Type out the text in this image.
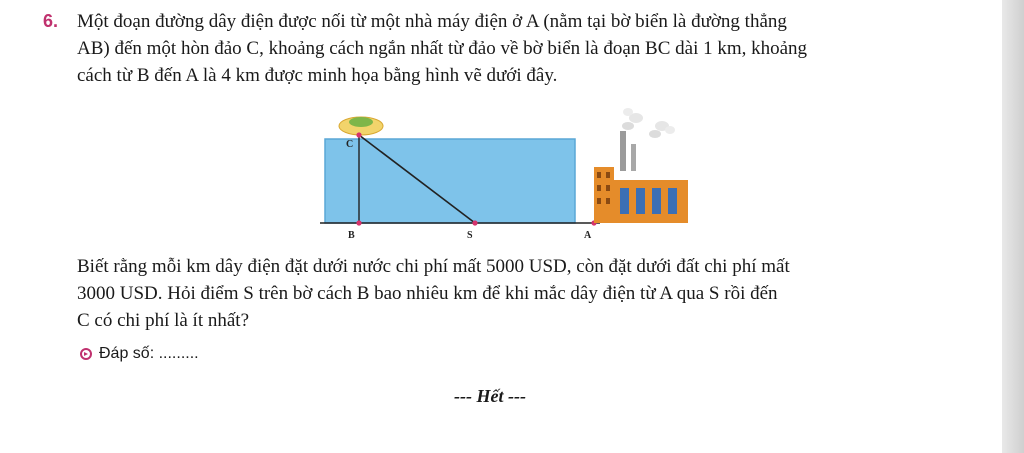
6. Một đoạn đường dây điện được nối từ một nhà máy điện ở A (nằm tại bờ biển là đường thẳng
AB) đến một hòn đảo C, khoảng cách ngắn nhất từ đảo về bờ biển là đoạn BC dài 1 km, khoảng
cách từ B đến A là 4 km được minh họa bằng hình vẽ dưới đây.

C
B	S	A

Biết rằng mỗi km dây điện đặt dưới nước chi phí mất 5000 USD, còn đặt dưới đất chi phí mất
3000 USD. Hỏi điểm S trên bờ cách B bao nhiêu km để khi mắc dây điện từ A qua S rồi đến
C có chi phí là ít nhất?

Đáp số: .........
--- Hết ---
